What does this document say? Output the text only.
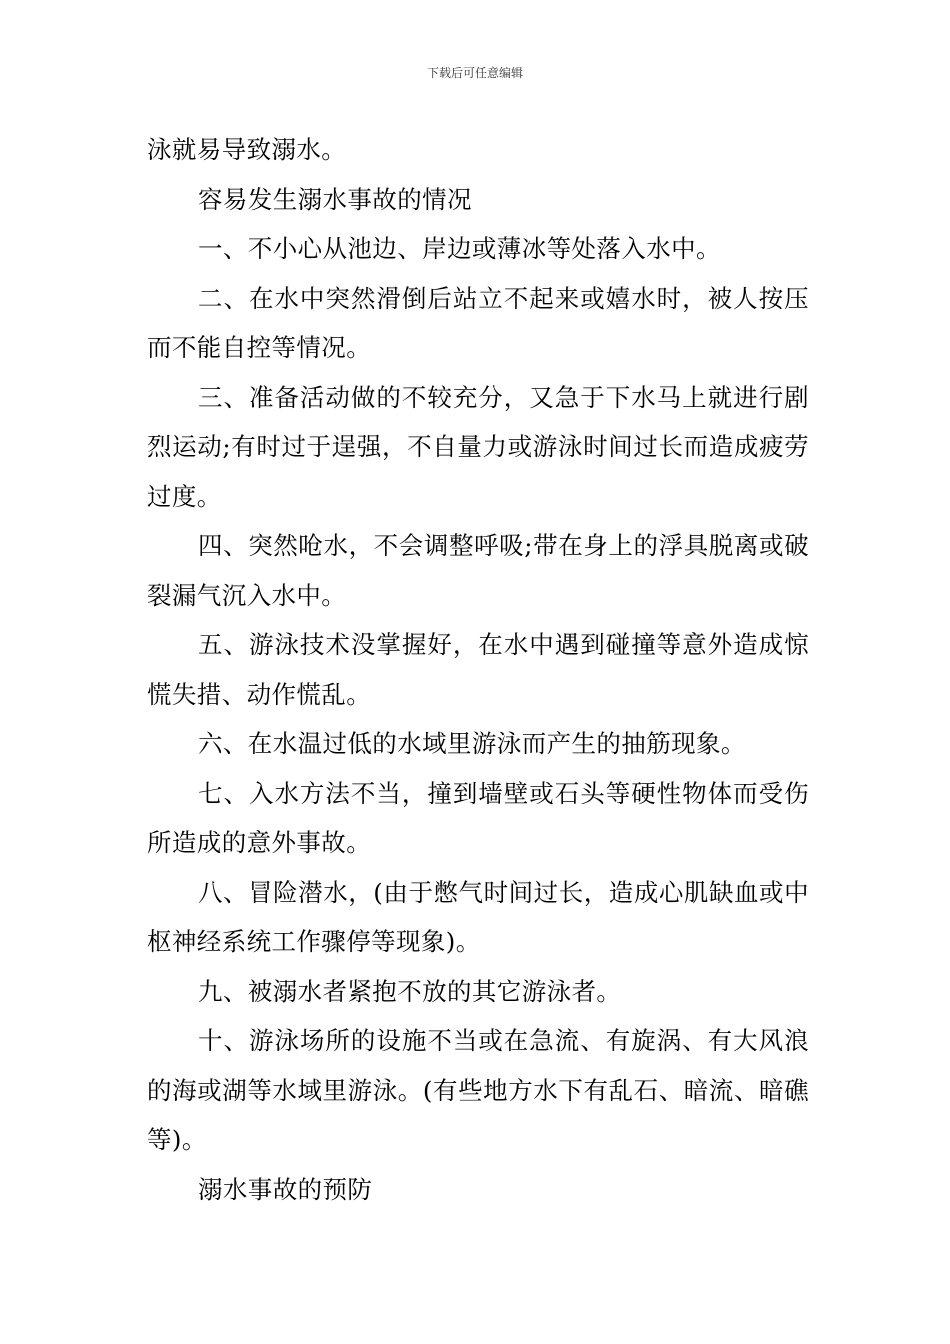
下载后可任意编辑

泳就易导致溺水。

容易发生溺水事故的情况

一、不小心从池边、岸边或薄冰等处落入水中。

二、在水中突然滑倒后站立不起来或嬉水时，被人按压而不能自控等情况。

三、准备活动做的不较充分，又急于下水马上就进行剧烈运动;有时过于逞强，不自量力或游泳时间过长而造成疲劳过度。

四、突然呛水，不会调整呼吸;带在身上的浮具脱离或破裂漏气沉入水中。

五、游泳技术没掌握好，在水中遇到碰撞等意外造成惊慌失措、动作慌乱。

六、在水温过低的水域里游泳而产生的抽筋现象。

七、入水方法不当，撞到墙壁或石头等硬性物体而受伤所造成的意外事故。

八、冒险潜水，(由于憋气时间过长，造成心肌缺血或中枢神经系统工作骤停等现象)。

九、被溺水者紧抱不放的其它游泳者。

十、游泳场所的设施不当或在急流、有旋涡、有大风浪的海或湖等水域里游泳。(有些地方水下有乱石、暗流、暗礁等)。

溺水事故的预防
